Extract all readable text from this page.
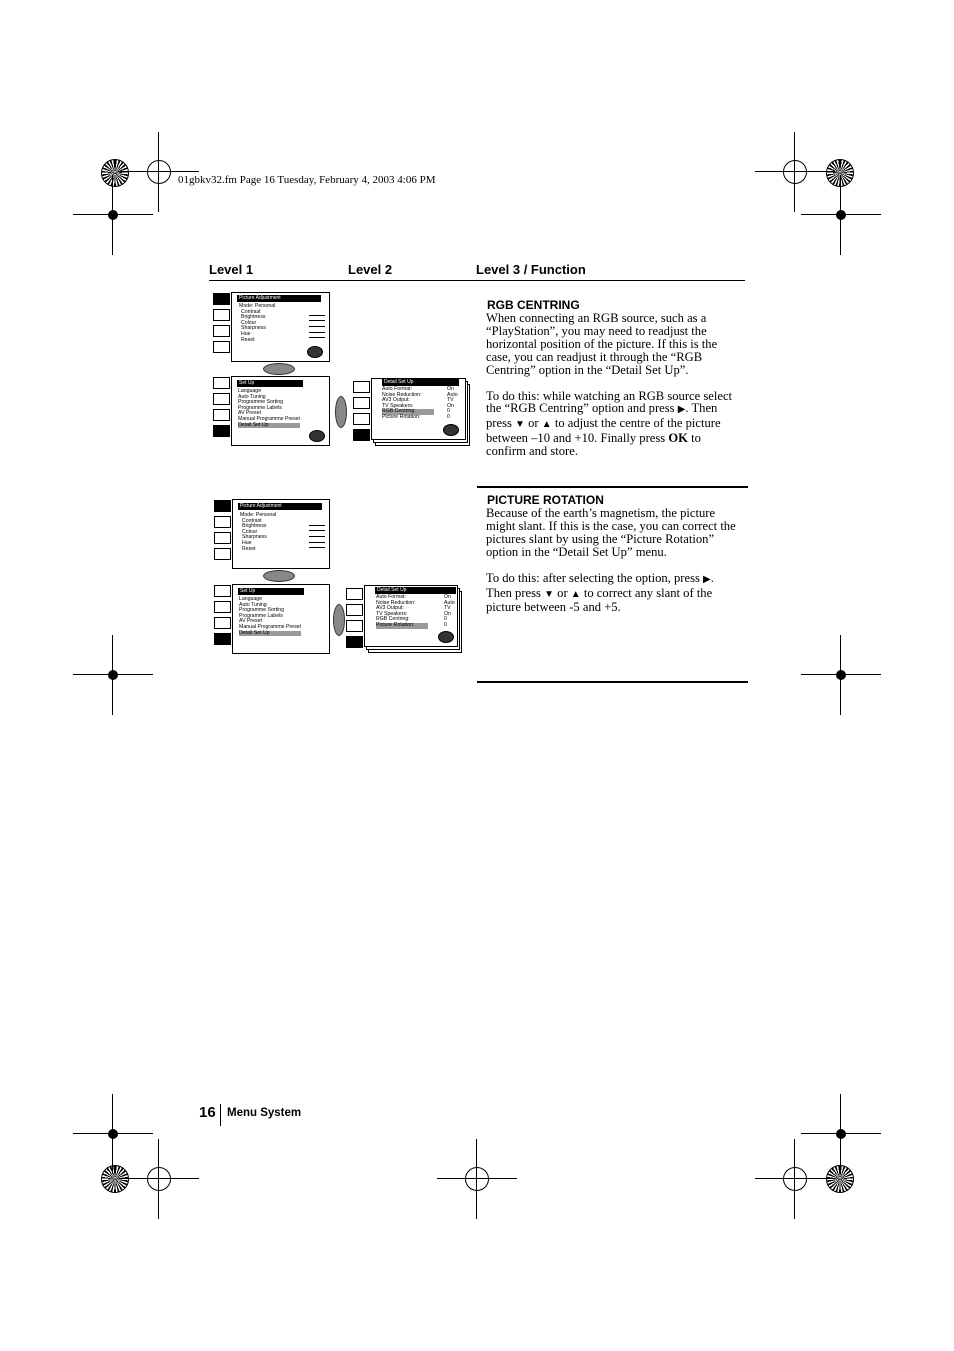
01gbkv32.fm Page 16 Tuesday, February 4, 2003 4:06 PM
Level 1	Level 2	Level 3 / Function
Picture Adjustment
Mode: Personal
Contrast
Brightness
Colour
Sharpness
Hue
Reset
Set Up
Language
Auto Tuning
Programme Sorting
Programme Labels
AV Preset
Manual Programme Preset
Detail Set Up
Detail Set Up
Auto Format:
Noise Reduction:
AV3 Output:
TV Speakers:
RGB Centring:
Picture Rotation:
On
Auto
TV
On
0
0
RGB CENTRING
When connecting an RGB source, such as a “PlayStation”, you may need to readjust the horizontal position of the picture. If this is the case, you can readjust it through the “RGB Centring” option in the “Detail Set Up”.
To do this: while watching an RGB source select the “RGB Centring” option and press ▶. Then press ▼ or ▲ to adjust the centre of the picture between –10 and +10. Finally press OK to confirm and store.
Picture Adjustment
Mode: Personal
Contrast
Brightness
Colour
Sharpness
Hue
Reset
Set Up
Language
Auto Tuning
Programme Sorting
Programme Labels
AV Preset
Manual Programme Preset
Detail Set Up
Detail Set Up
Auto Format:
Noise Reduction:
AV3 Output:
TV Speakers:
RGB Centring:
Picture Rotation:
On
Auto
TV
On
0
0
PICTURE ROTATION
Because of the earth’s magnetism, the picture might slant. If this is the case, you can correct the pictures slant by using the “Picture Rotation” option in the “Detail Set Up” menu.
To do this: after selecting the option, press ▶. Then press ▼ or ▲ to correct any slant of the picture between -5 and +5.
16 Menu System
